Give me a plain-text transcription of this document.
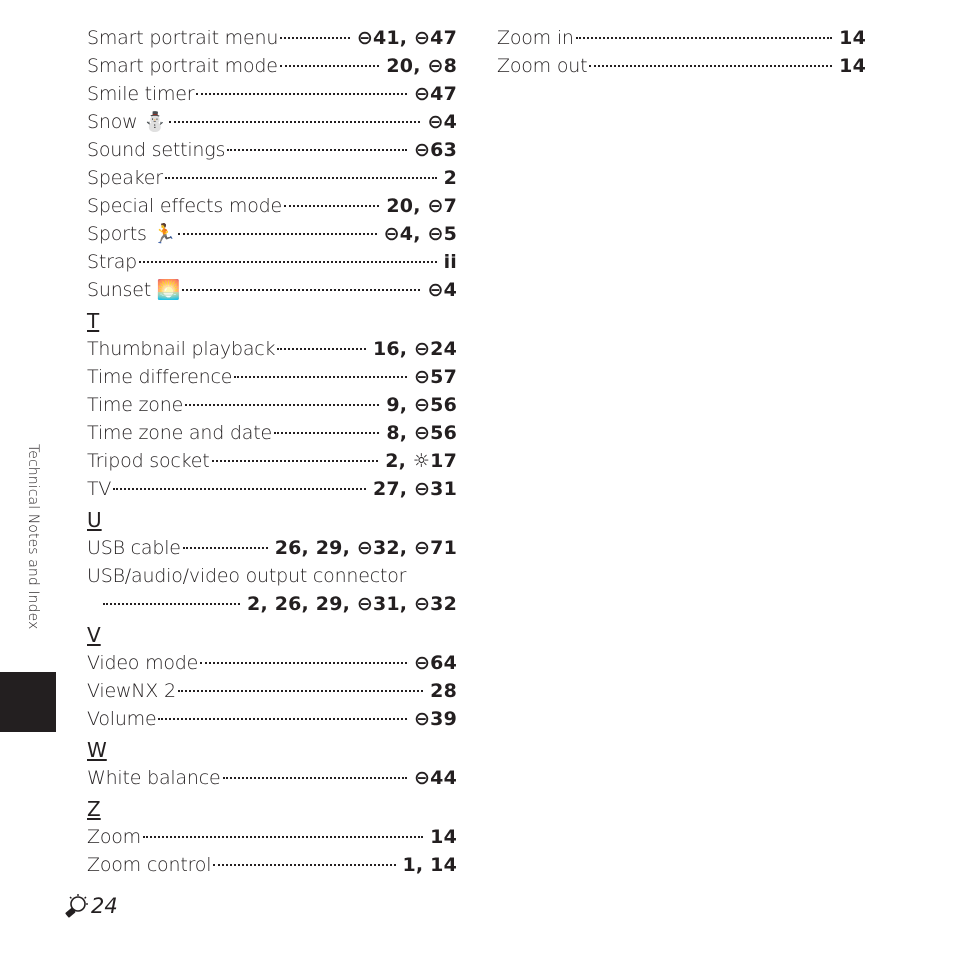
Smart portrait menu	⊖41, ⊖47
Smart portrait mode	20, ⊖8
Smile timer	⊖47
Snow ⛄	⊖4
Sound settings	⊖63
Speaker	2
Special effects mode	20, ⊖7
Sports 🏃	⊖4, ⊖5
Strap	ii
Sunset 🌅	⊖4
T
Thumbnail playback	16, ⊖24
Time difference	⊖57
Time zone	9, ⊖56
Time zone and date	8, ⊖56
Tripod socket	2, ☼17
TV	27, ⊖31
U
USB cable	26, 29, ⊖32, ⊖71
USB/audio/video output connector
2, 26, 29, ⊖31, ⊖32
V
Video mode	⊖64
ViewNX 2	28
Volume	⊖39
W
White balance	⊖44
Z
Zoom	14
Zoom control	1, 14
Zoom in	14
Zoom out	14
Technical Notes and Index
24
